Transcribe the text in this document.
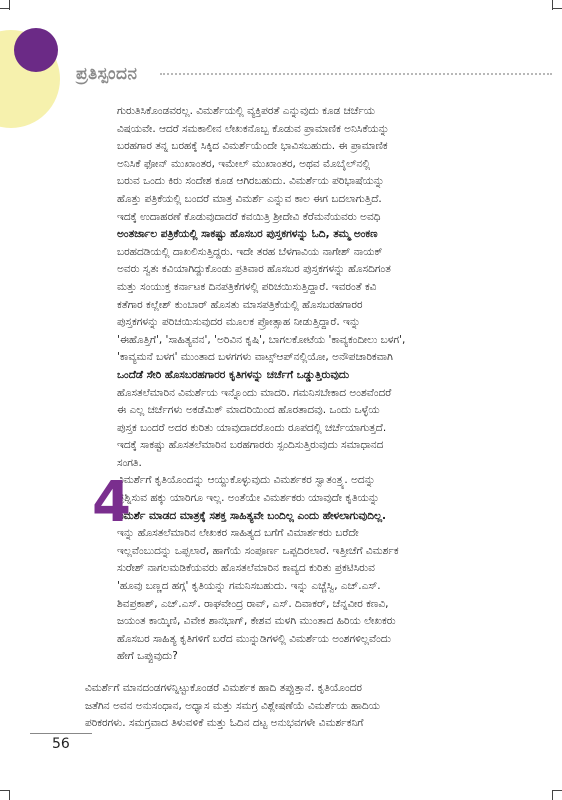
ಪ್ರತಿಸ್ಪಂದನ
ಗುರುತಿಸಿಕೊಂಡವರಲ್ಲ. ವಿಮರ್ಶೆಯಲ್ಲಿ ವ್ಯಕ್ತಿಪರತೆ ಎನ್ನುವುದು ಕೂಡ ಚರ್ಚೆಯ
ವಿಷಯವೇ. ಆದರೆ ಸಮಕಾಲೀನ ಲೇಖಕನೊಬ್ಬ ಕೊಡುವ ಪ್ರಾಮಾಣಿಕ ಅನಿಸಿಕೆಯನ್ನು
ಬರಹಗಾರ ತನ್ನ ಬರಹಕ್ಕೆ ಸಿಕ್ಕಿದ ವಿಮರ್ಶೆಯೆಂದೇ ಭಾವಿಸಬಹುದು. ಈ ಪ್ರಾಮಾಣಿಕ
ಅನಿಸಿಕೆ ಫೋನ್ ಮುಖಾಂತರ, ಇಮೇಲ್ ಮುಖಾಂತರ, ಅಥವ ಮೊಬೈಲ್‌ನಲ್ಲಿ
ಬರುವ ಒಂದು ಕಿರು ಸಂದೇಶ ಕೂಡ ಆಗಿರಬಹುದು. ವಿಮರ್ಶೆಯ ಪರಿಭಾಷೆಯನ್ನು
ಹೊತ್ತು ಪತ್ರಿಕೆಯಲ್ಲಿ ಬಂದರೆ ಮಾತ್ರ ವಿಮರ್ಶೆ ಎನ್ನುವ ಕಾಲ ಈಗ ಬದಲಾಗುತ್ತಿದೆ.
ಇದಕ್ಕೆ ಉದಾಹರಣೆ ಕೊಡುವುದಾದರೆ ಕವಯಿತ್ರಿ ಶ್ರೀದೇವಿ ಕೆರೆಮನೆಯವರು ಅವಧಿ
ಅಂತರ್ಜಾಲ ಪತ್ರಿಕೆಯಲ್ಲಿ ಸಾಕಷ್ಟು ಹೊಸಬರ ಪುಸ್ತಕಗಳನ್ನು ಓದಿ, ತಮ್ಮ ಅಂಕಣ
ಬರಹದಡಿಯಲ್ಲಿ ದಾಖಲಿಸುತ್ತಿದ್ದರು. ಇದೇ ತರಹ ಬೆಳಗಾವಿಯ ನಾಗೇಶ್ ನಾಯಕ್
ಅವರು ಸ್ವತಃ ಕವಿಯಾಗಿದ್ದುಕೊಂಡು ಪ್ರತಿವಾರ ಹೊಸಬರ ಪುಸ್ತಕಗಳನ್ನು ಹೊಸದಿಗಂತ
ಮತ್ತು ಸಂಯುಕ್ತ ಕರ್ನಾಟಕ ದಿನಪತ್ರಿಕೆಗಳಲ್ಲಿ ಪರಿಚಯಿಸುತ್ತಿದ್ದಾರೆ. ಇವರಂತೆ ಕವಿ
ಕತೆಗಾರ ಕಲ್ಲೇಶ್ ಕುಂಬಾರ್ ಹೊಸತು ಮಾಸಪತ್ರಿಕೆಯಲ್ಲಿ ಹೊಸಬರಹಗಾರರ
ಪುಸ್ತಕಗಳನ್ನು ಪರಿಚಯಿಸುವುದರ ಮೂಲಕ ಪ್ರೋತ್ಸಾಹ ನೀಡುತ್ತಿದ್ದಾರೆ. ಇನ್ನು
'ಈಹೊತ್ತಿಗೆ', 'ಸಾಹಿತ್ಯವನ', 'ಅರಿವಿನ ಕೃಷಿ', ಬಾಗಲಕೋಟೆಯ 'ಕಾವ್ಯಕಂದೀಲು ಬಳಗ',
'ಕಾವ್ಯಮನೆ ಬಳಗ' ಮುಂತಾದ ಬಳಗಗಳು ವಾಟ್ಸ್‌ಆಪ್‌ನಲ್ಲಿಯೋ, ಅನೌಪಚಾರಿಕವಾಗಿ
ಒಂದೆಡೆ ಸೇರಿ ಹೊಸಬರಹಗಾರರ ಕೃತಿಗಳನ್ನು ಚರ್ಚೆಗೆ ಒಡ್ಡುತ್ತಿರುವುದು
ಹೊಸತಲೆಮಾರಿನ ವಿಮರ್ಶೆಯ ಇನ್ನೊಂದು ಮಾದರಿ. ಗಮನಿಸಬೇಕಾದ ಅಂಶವೆಂದರೆ
ಈ ಎಲ್ಲ ಚರ್ಚೆಗಳು ಅಕಡೆಮಿಕ್ ಮಾದರಿಯಿಂದ ಹೊರತಾದವು. ಒಂದು ಒಳ್ಳೆಯ
ಪುಸ್ತಕ ಬಂದರೆ ಅದರ ಕುರಿತು ಯಾವುದಾದರೊಂದು ರೂಪದಲ್ಲಿ ಚರ್ಚೆಯಾಗುತ್ತದೆ.
ಇದಕ್ಕೆ ಸಾಕಷ್ಟು ಹೊಸತಲೆಮಾರಿನ ಬರಹಗಾರರು ಸ್ಪಂದಿಸುತ್ತಿರುವುದು ಸಮಾಧಾನದ
ಸಂಗತಿ.
ವಿಮರ್ಶೆಗೆ ಕೃತಿಯೊಂದನ್ನು ಆಯ್ದುಕೊಳ್ಳುವುದು ವಿಮರ್ಶಕರ ಸ್ವಾತಂತ್ರ್ಯ. ಅದನ್ನು
ಪ್ರಶ್ನಿಸುವ ಹಕ್ಕು ಯಾರಿಗೂ ಇಲ್ಲ. ಅಂತೆಯೇ ವಿಮರ್ಶಕರು ಯಾವುದೇ ಕೃತಿಯನ್ನು
ವಿಮರ್ಶೆ ಮಾಡದ ಮಾತ್ರಕ್ಕೆ ಸಶಕ್ತ ಸಾಹಿತ್ಯವೇ ಬಂದಿಲ್ಲ ಎಂದು ಹೇಳಲಾಗುವುದಿಲ್ಲ.
ಇನ್ನು ಹೊಸತಲೆಮಾರಿನ ಲೇಖಕರ ಸಾಹಿತ್ಯದ ಬಗೆಗೆ ವಿಮಾರ್ಶಕರು ಬರೆದೇ
ಇಲ್ಲವೆಂಬುದನ್ನು ಒಪ್ಪಲಾರೆ, ಹಾಗೆಯೆ ಸಂಪೂರ್ಣ ಒಪ್ಪದಿರಲಾರೆ. ಇತ್ತೀಚೆಗೆ ವಿಮರ್ಶಕ
ಸುರೇಶ್ ನಾಗಲಮಡಿಕೆಯವರು ಹೊಸತಲೆಮಾರಿನ ಕಾವ್ಯದ ಕುರಿತು ಪ್ರಕಟಿಸಿರುವ
'ಹೂವು ಬಣ್ಣದ ಹಗ್ಗ' ಕೃತಿಯನ್ನು ಗಮನಿಸಬಹುದು. ಇನ್ನು ಎಚ್ಚೆಸ್ವಿ, ಎಚ್.ಎಸ್.
ಶಿವಪ್ರಕಾಶ್, ಎಚ್.ಎಸ್. ರಾಘವೇಂದ್ರ ರಾವ್, ಎಸ್. ದಿವಾಕರ್, ಚೆನ್ನವೀರ ಕಣವಿ,
ಜಯಂತ ಕಾಯ್ಕಿಣಿ, ವಿವೇಕ ಶಾನಭಾಗ್, ಕೇಶವ ಮಳಗಿ ಮುಂತಾದ ಹಿರಿಯ ಲೇಖಕರು
ಹೊಸಬರ ಸಾಹಿತ್ಯ ಕೃತಿಗಳಿಗೆ ಬರೆದ ಮುನ್ನುಡಿಗಳಲ್ಲಿ ವಿಮರ್ಶೆಯ ಅಂಶಗಳಿಲ್ಲವೆಂದು
ಹೇಗೆ ಒಪ್ಪುವುದು?
4
ವಿಮರ್ಶೆಗೆ ಮಾನದಂಡಗಳನ್ನಿಟ್ಟುಕೊಂಡರೆ ವಿಮರ್ಶಕ ಹಾದಿ ತಪ್ಪುತ್ತಾನೆ. ಕೃತಿಯೊಂದರ
ಜತೆಗಿನ ಅವನ ಅನುಸಂಧಾನ, ಅಧ್ಯಾಸ ಮತ್ತು ಸಮಗ್ರ ವಿಶ್ಲೇಷಣೆಯೆ ವಿಮರ್ಶೆಯ ಹಾದಿಯ
ಪರಿಕರಗಳು. ಸಮಗ್ರವಾದ ತಿಳುವಳಿಕೆ ಮತ್ತು ಓದಿನ ದಟ್ಟ ಅನುಭವಗಳೇ ವಿಮರ್ಶಕನಿಗೆ
56
